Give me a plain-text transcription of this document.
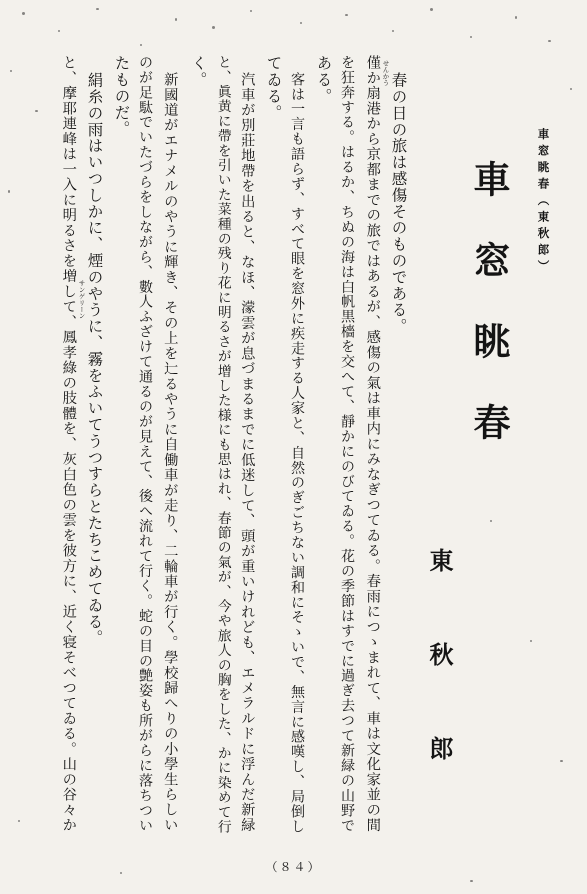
車窓眺春（東秋郎）
車窓眺春
東秋郎
春の日の旅は感傷そのものである。
僅か扇港から京都までの旅ではあるが、感傷の氣は車内にみなぎつてゐる。春雨につゝまれて、車は文化家並の間
を狂奔する。はるか、ちぬの海は白帆黒檣を交へて、靜かにのびてゐる。花の季節はすでに過ぎ去つて新緑の山野で
ある。
客は一言も語らず、すべて眼を窓外に疾走する人家と、自然のぎごちない調和にそゝいで、無言に感嘆し、局倒し
てゐる。
汽車が別莊地帶を出ると、なほ、濛雲が息づまるまでに低迷して、頭が重いけれども、エメラルドに浮んだ新緑
と、眞黄に帶を引いた菜種の残り花に明るさが增した様にも思はれ、春節の氣が、今や旅人の胸をした、かに染めて行
く。
新國道がエナメルのやうに輝き、その上を辷るやうに自働車が走り、二輪車が行く。學校歸へりの小學生らしい
のが足駄でいたづらをしながら、數人ふざけて通るのが見えて、後へ流れて行く。蛇の目の艶姿も所がらに落ちつい
たものだ。
絹糸の雨はいつしかに、煙のやうに、霧をふいてうつすらとたちこめてゐる。
と、摩耶連峰は一入に明るさを増して、鳳孝綠の肢體を、灰白色の雲を彼方に、近く寝そべつてゐる。山の谷々か	せんかう
サンゲリーン
（８４）
